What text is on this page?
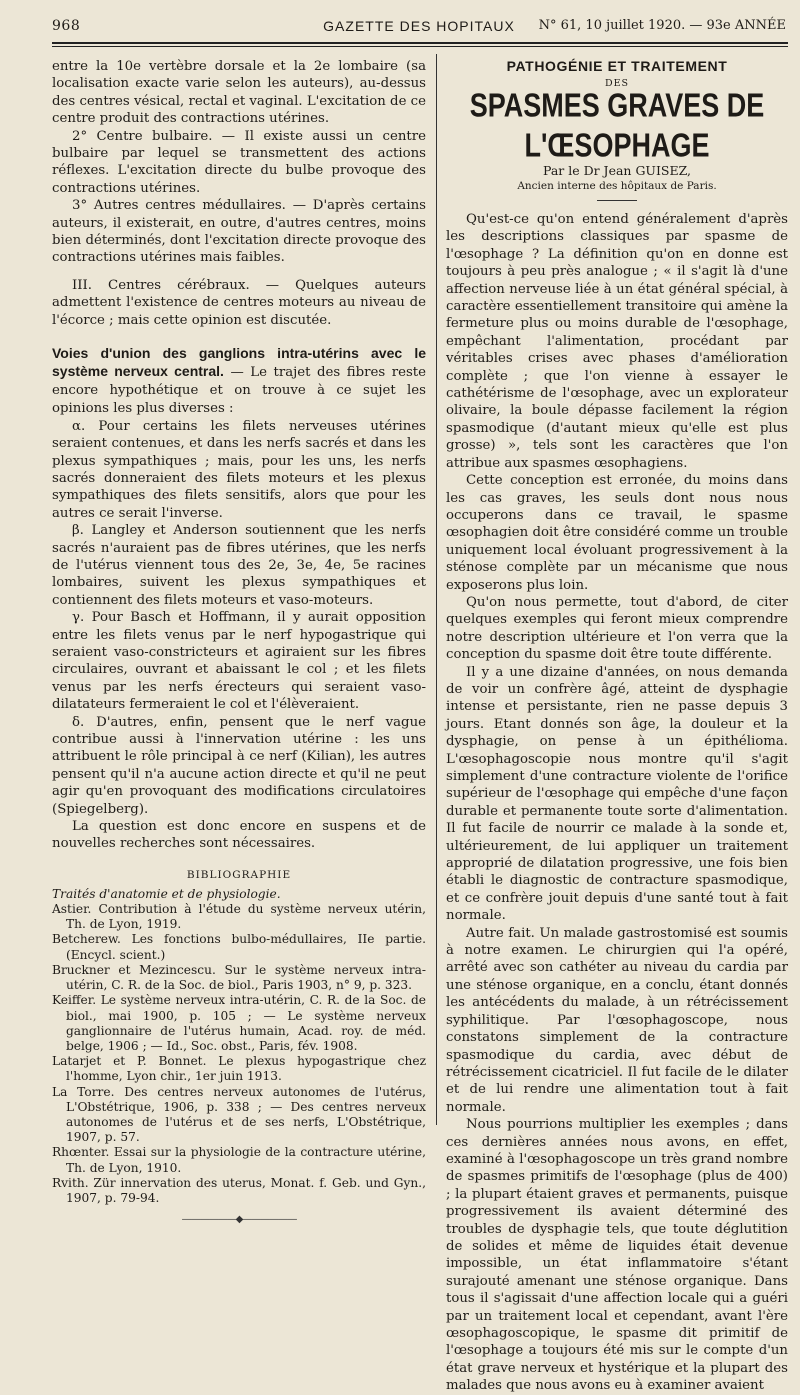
968	GAZETTE DES HOPITAUX	N° 61, 10 juillet 1920. — 93e ANNÉE

entre la 10e vertèbre dorsale et la 2e lombaire (sa localisation exacte varie selon les auteurs), au-dessus des centres vésical, rectal et vaginal. L'excitation de ce centre produit des contractions utérines.

2° Centre bulbaire. — Il existe aussi un centre bulbaire par lequel se transmettent des actions réflexes. L'excitation directe du bulbe provoque des contractions utérines.

3° Autres centres médullaires. — D'après certains auteurs, il existerait, en outre, d'autres centres, moins bien déterminés, dont l'excitation directe provoque des contractions utérines mais faibles.

III. Centres cérébraux. — Quelques auteurs admettent l'existence de centres moteurs au niveau de l'écorce ; mais cette opinion est discutée.

Voies d'union des ganglions intra-utérins avec le système nerveux central. — Le trajet des fibres reste encore hypothétique et on trouve à ce sujet les opinions les plus diverses :

α. Pour certains les filets nerveuses utérines seraient contenues, et dans les nerfs sacrés et dans les plexus sympathiques ; mais, pour les uns, les nerfs sacrés donneraient des filets moteurs et les plexus sympathiques des filets sensitifs, alors que pour les autres ce serait l'inverse.

β. Langley et Anderson soutiennent que les nerfs sacrés n'auraient pas de fibres utérines, que les nerfs de l'utérus viennent tous des 2e, 3e, 4e, 5e racines lombaires, suivent les plexus sympathiques et contiennent des filets moteurs et vaso-moteurs.

γ. Pour Basch et Hoffmann, il y aurait opposition entre les filets venus par le nerf hypogastrique qui seraient vaso-constricteurs et agiraient sur les fibres circulaires, ouvrant et abaissant le col ; et les filets venus par les nerfs érecteurs qui seraient vaso-dilatateurs fermeraient le col et l'élèveraient.

δ. D'autres, enfin, pensent que le nerf vague contribue aussi à l'innervation utérine : les uns attribuent le rôle principal à ce nerf (Kilian), les autres pensent qu'il n'a aucune action directe et qu'il ne peut agir qu'en provoquant des modifications circulatoires (Spiegelberg).

La question est donc encore en suspens et de nouvelles recherches sont nécessaires.

BIBLIOGRAPHIE

Traités d'anatomie et de physiologie.

Astier. Contribution à l'étude du système nerveux utérin, Th. de Lyon, 1919.

Betcherew. Les fonctions bulbo-médullaires, IIe partie. (Encycl. scient.)

Bruckner et Mezincescu. Sur le système nerveux intra-utérin, C. R. de la Soc. de biol., Paris 1903, n° 9, p. 323.

Keiffer. Le système nerveux intra-utérin, C. R. de la Soc. de biol., mai 1900, p. 105 ; — Le système nerveux ganglionnaire de l'utérus humain, Acad. roy. de méd. belge, 1906 ; — Id., Soc. obst., Paris, fév. 1908.

Latarjet et P. Bonnet. Le plexus hypogastrique chez l'homme, Lyon chir., 1er juin 1913.

La Torre. Des centres nerveux autonomes de l'utérus, L'Obstétrique, 1906, p. 338 ; — Des centres nerveux autonomes de l'utérus et de ses nerfs, L'Obstétrique, 1907, p. 57.

Rhœnter. Essai sur la physiologie de la contracture utérine, Th. de Lyon, 1910.

Rvith. Zür innervation des uterus, Monat. f. Geb. und Gyn., 1907, p. 79-94.

——————◆——————
PATHOGÉNIE ET TRAITEMENT
DES
SPASMES GRAVES DE L'ŒSOPHAGE
Par le Dr Jean GUISEZ,
Ancien interne des hôpitaux de Paris.

Qu'est-ce qu'on entend généralement d'après les descriptions classiques par spasme de l'œsophage ? La définition qu'on en donne est toujours à peu près analogue ; « il s'agit là d'une affection nerveuse liée à un état général spécial, à caractère essentiellement transitoire qui amène la fermeture plus ou moins durable de l'œsophage, empêchant l'alimentation, procédant par véritables crises avec phases d'amélioration complète ; que l'on vienne à essayer le cathétérisme de l'œsophage, avec un explorateur olivaire, la boule dépasse facilement la région spasmodique (d'autant mieux qu'elle est plus grosse) », tels sont les caractères que l'on attribue aux spasmes œsophagiens.

Cette conception est erronée, du moins dans les cas graves, les seuls dont nous nous occuperons dans ce travail, le spasme œsophagien doit être considéré comme un trouble uniquement local évoluant progressivement à la sténose complète par un mécanisme que nous exposerons plus loin.

Qu'on nous permette, tout d'abord, de citer quelques exemples qui feront mieux comprendre notre description ultérieure et l'on verra que la conception du spasme doit être toute différente.

Il y a une dizaine d'années, on nous demanda de voir un confrère âgé, atteint de dysphagie intense et persistante, rien ne passe depuis 3 jours. Etant donnés son âge, la douleur et la dysphagie, on pense à un épithélioma. L'œsophagoscopie nous montre qu'il s'agit simplement d'une contracture violente de l'orifice supérieur de l'œsophage qui empêche d'une façon durable et permanente toute sorte d'alimentation. Il fut facile de nourrir ce malade à la sonde et, ultérieurement, de lui appliquer un traitement approprié de dilatation progressive, une fois bien établi le diagnostic de contracture spasmodique, et ce confrère jouit depuis d'une santé tout à fait normale.

Autre fait. Un malade gastrostomisé est soumis à notre examen. Le chirurgien qui l'a opéré, arrêté avec son cathéter au niveau du cardia par une sténose organique, en a conclu, étant donnés les antécédents du malade, à un rétrécissement syphilitique. Par l'œsophagoscope, nous constatons simplement de la contracture spasmodique du cardia, avec début de rétrécissement cicatriciel. Il fut facile de le dilater et de lui rendre une alimentation tout à fait normale.

Nous pourrions multiplier les exemples ; dans ces dernières années nous avons, en effet, examiné à l'œsophagoscope un très grand nombre de spasmes primitifs de l'œsophage (plus de 400) ; la plupart étaient graves et permanents, puisque progressivement ils avaient déterminé des troubles de dysphagie tels, que toute déglutition de solides et même de liquides était devenue impossible, un état inflammatoire s'étant surajouté amenant une sténose organique. Dans tous il s'agissait d'une affection locale qui a guéri par un traitement local et cependant, avant l'ère œsophagoscopique, le spasme dit primitif de l'œsophage a toujours été mis sur le compte d'un état grave nerveux et hystérique et la plupart des malades que nous avons eu à examiner avaient
